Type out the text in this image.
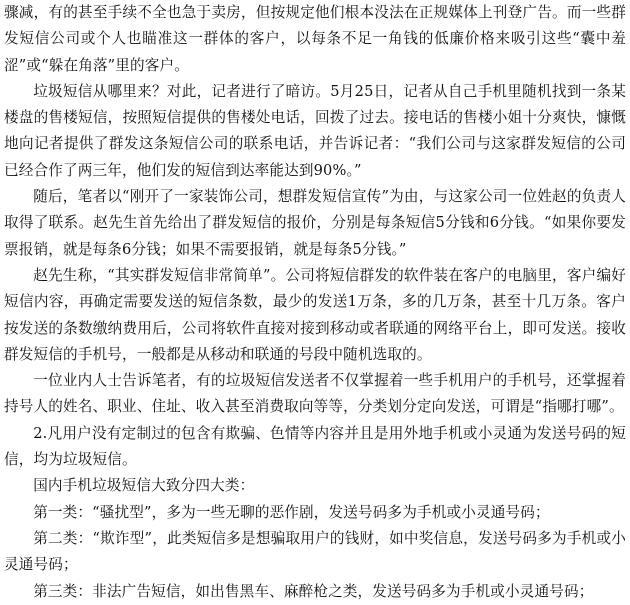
骤减，有的甚至手续不全也急于卖房，但按规定他们根本没法在正规媒体上刊登广告。而一些群发短信公司或个人也瞄准这一群体的客户，以每条不足一角钱的低廉价格来吸引这些“囊中羞涩”或“躲在角落”里的客户。

垃圾短信从哪里来？对此，记者进行了暗访。5月25日，记者从自己手机里随机找到一条某楼盘的售楼短信，按照短信提供的售楼处电话，回拨了过去。接电话的售楼小姐十分爽快，慷慨地向记者提供了群发这条短信公司的联系电话，并告诉记者：“我们公司与这家群发短信的公司已经合作了两三年，他们发的短信到达率能达到90%。”

随后，笔者以“刚开了一家装饰公司，想群发短信宣传”为由，与这家公司一位姓赵的负责人取得了联系。赵先生首先给出了群发短信的报价，分别是每条短信5分钱和6分钱。“如果你要发票报销，就是每条6分钱；如果不需要报销，就是每条5分钱。”

赵先生称，“其实群发短信非常简单”。公司将短信群发的软件装在客户的电脑里，客户编好短信内容，再确定需要发送的短信条数，最少的发送1万条，多的几万条，甚至十几万条。客户按发送的条数缴纳费用后，公司将软件直接对接到移动或者联通的网络平台上，即可发送。接收群发短信的手机号，一般都是从移动和联通的号段中随机选取的。

一位业内人士告诉笔者，有的垃圾短信发送者不仅掌握着一些手机用户的手机号，还掌握着持号人的姓名、职业、住址、收入甚至消费取向等等，分类划分定向发送，可谓是“指哪打哪”。

2.凡用户没有定制过的包含有欺骗、色情等内容并且是用外地手机或小灵通为发送号码的短信，均为垃圾短信。

国内手机垃圾短信大致分四大类：

第一类：“骚扰型”，多为一些无聊的恶作剧，发送号码多为手机或小灵通号码；

第二类：“欺诈型”，此类短信多是想骗取用户的钱财，如中奖信息，发送号码多为手机或小灵通号码；

第三类：非法广告短信，如出售黑车、麻醉枪之类，发送号码多为手机或小灵通号码；
